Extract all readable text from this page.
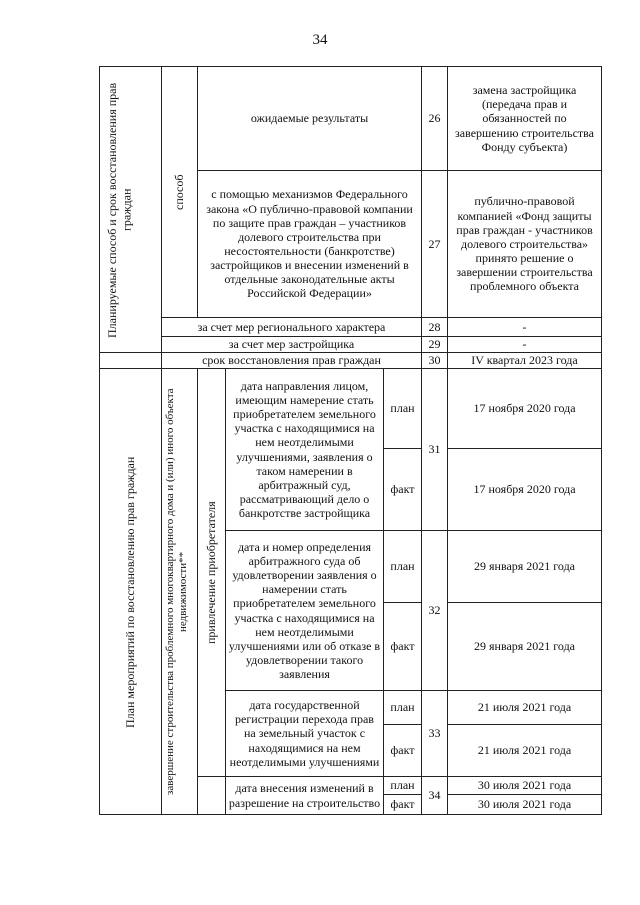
34
Планируемые способ и срок восстановления прав граждан	способ	ожидаемые результаты			26	замена застройщика (передача прав и обязанностей по завершению строительства Фонду субъекта)
		с помощью механизмов Федерального закона «О публично-правовой компании по защите прав граждан – участников долевого строительства при несостоятельности (банкротстве) застройщиков и внесении изменений в отдельные законодательные акты Российской Федерации»			27	публично-правовой компанией «Фонд защиты прав граждан - участников долевого строительства» принято решение о завершении строительства проблемного объекта
	за счет мер регионального характера				28	-
	за счет мер застройщика				29	-
	срок восстановления прав граждан				30	IV квартал 2023 года

План мероприятий по восстановлению прав граждан	завершение строительства проблемного многоквартирного дома и (или) иного объекта недвижимости**	привлечение приобретателя	дата направления лицом, имеющим намерение стать приобретателем земельного участка с находящимися на нем неотделимыми улучшениями, заявления о таком намерении в арбитражный суд, рассматривающий дело о банкротстве застройщика	план	31	17 ноября 2020 года
				факт		17 ноября 2020 года
			дата и номер определения арбитражного суда об удовлетворении заявления о намерении стать приобретателем земельного участка с находящимися на нем неотделимыми улучшениями или об отказе в удовлетворении такого заявления	план	32	29 января 2021 года
				факт		29 января 2021 года
			дата государственной регистрации перехода прав на земельный участок с находящимися на нем неотделимыми улучшениями	план	33	21 июля 2021 года
				факт		21 июля 2021 года
			дата внесения изменений в разрешение на строительство	план	34	30 июля 2021 года
				факт		30 июля 2021 года
